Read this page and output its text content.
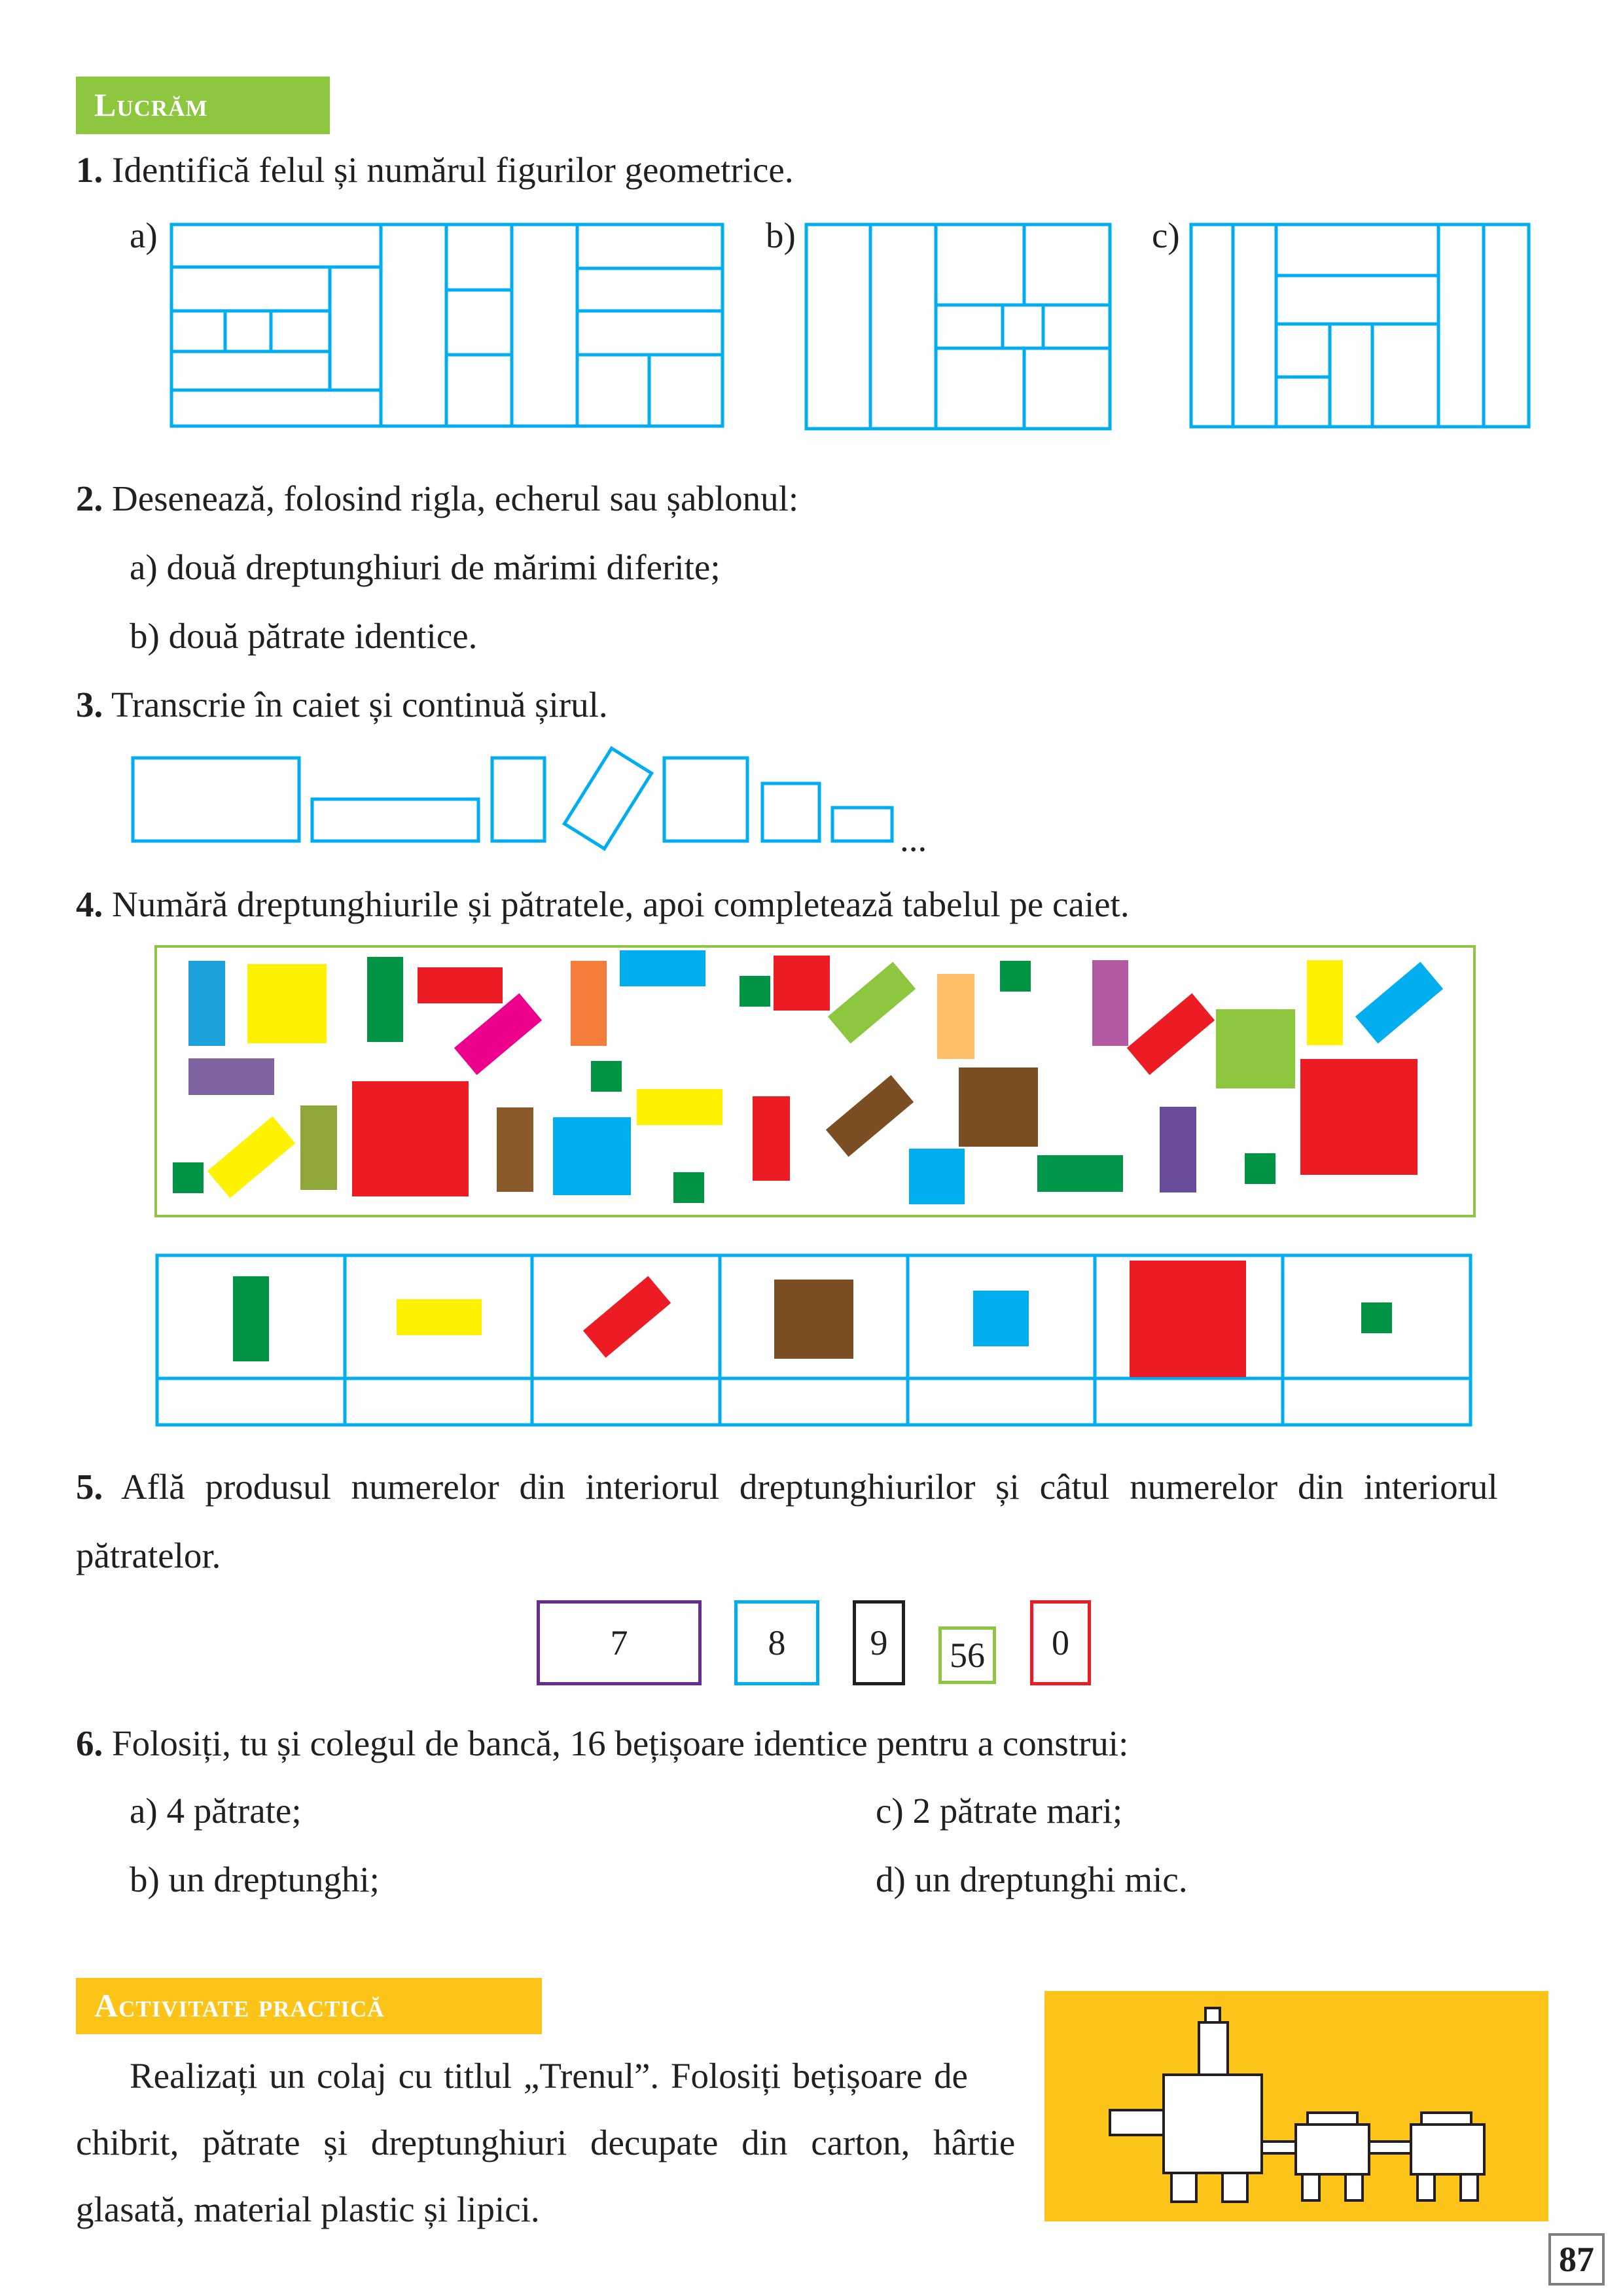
Lucrăm
1. Identifică felul și numărul figurilor geometrice.
a)	b)	c)
2. Desenează, folosind rigla, echerul sau șablonul:
a) două dreptunghiuri de mărimi diferite;
b) două pătrate identice.
3. Transcrie în caiet și continuă șirul.
...
4. Numără dreptunghiurile și pătratele, apoi completează tabelul pe caiet.
5. Află produsul numerelor din interiorul dreptunghiurilor și câtul numerelor din interiorul
pătratelor.
7	8 9 56 0
6. Folosiți, tu și colegul de bancă, 16 bețișoare identice pentru a construi:
a) 4 pătrate;
b) un dreptunghi;
c) 2 pătrate mari;
d) un dreptunghi mic.
Activitate practică
Realizați un colaj cu titlul „Trenul”. Folosiți bețișoare de
chibrit, pătrate și dreptunghiuri decupate din carton, hârtie
glasată, material plastic și lipici.
87
